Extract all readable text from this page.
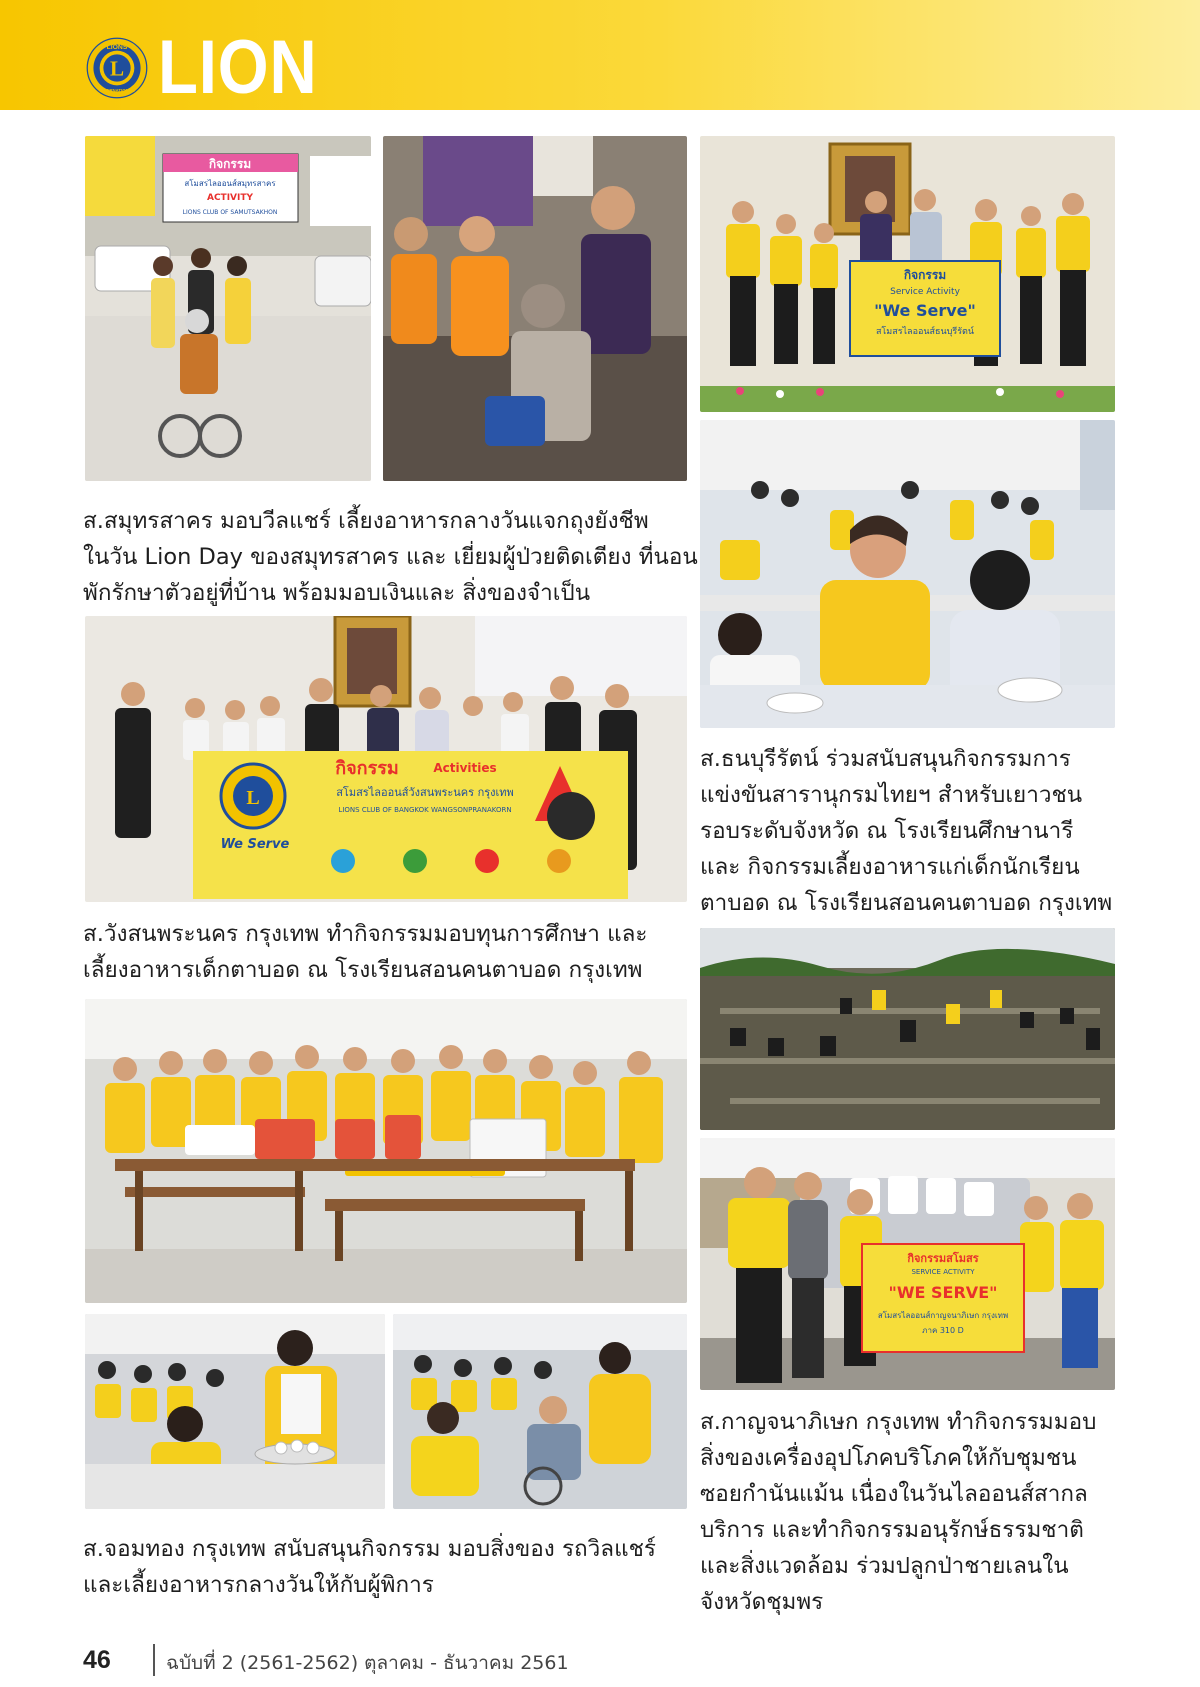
LIONS
INTERNATIONAL
L LION
กิจกรรม
สโมสรไลออนส์สมุทรสาคร
ACTIVITY
LIONS CLUB OF SAMUTSAKHON
กิจกรรม
Service Activity
"We Serve"
สโมสรไลออนส์ธนบุรีรัตน์
ส.สมุทรสาคร มอบวีลแชร์ เลี้ยงอาหารกลางวันแจกถุงยังชีพ
ในวัน Lion Day ของสมุทรสาคร และ เยี่ยมผู้ป่วยติดเตียง ที่นอน
พักรักษาตัวอยู่ที่บ้าน พร้อมมอบเงินและ สิ่งของจำเป็น
L
We Serve
กิจกรรม	Activities
สโมสรไลออนส์วังสนพระนคร กรุงเทพ
LIONS CLUB OF BANGKOK WANGSONPRANAKORN
ส.ธนบุรีรัตน์ ร่วมสนับสนุนกิจกรรมการ
แข่งขันสารานุกรมไทยฯ สำหรับเยาวชน
รอบระดับจังหวัด ณ โรงเรียนศึกษานารี
และ กิจกรรมเลี้ยงอาหารแก่เด็กนักเรียน
ตาบอด ณ โรงเรียนสอนคนตาบอด กรุงเทพ
ส.วังสนพระนคร กรุงเทพ ทำกิจกรรมมอบทุนการศึกษา และ
เลี้ยงอาหารเด็กตาบอด ณ โรงเรียนสอนคนตาบอด กรุงเทพ
กิจกรรมสโมสร
SERVICE ACTIVITY
"WE SERVE"
สโมสรไลออนส์กาญจนาภิเษก กรุงเทพ
ภาค 310 D
ส.กาญจนาภิเษก กรุงเทพ ทำกิจกรรมมอบ
สิ่งของเครื่องอุปโภคบริโภคให้กับชุมชน
ซอยกำนันแม้น เนื่องในวันไลออนส์สากล
บริการ และทำกิจกรรมอนุรักษ์ธรรมชาติ
และสิ่งแวดล้อม ร่วมปลูกป่าชายเลนใน
จังหวัดชุมพร
ส.จอมทอง กรุงเทพ สนับสนุนกิจกรรม มอบสิ่งของ รถวิลแชร์
และเลี้ยงอาหารกลางวันให้กับผู้พิการ
46	ฉบับที่ 2 (2561-2562) ตุลาคม - ธันวาคม 2561
